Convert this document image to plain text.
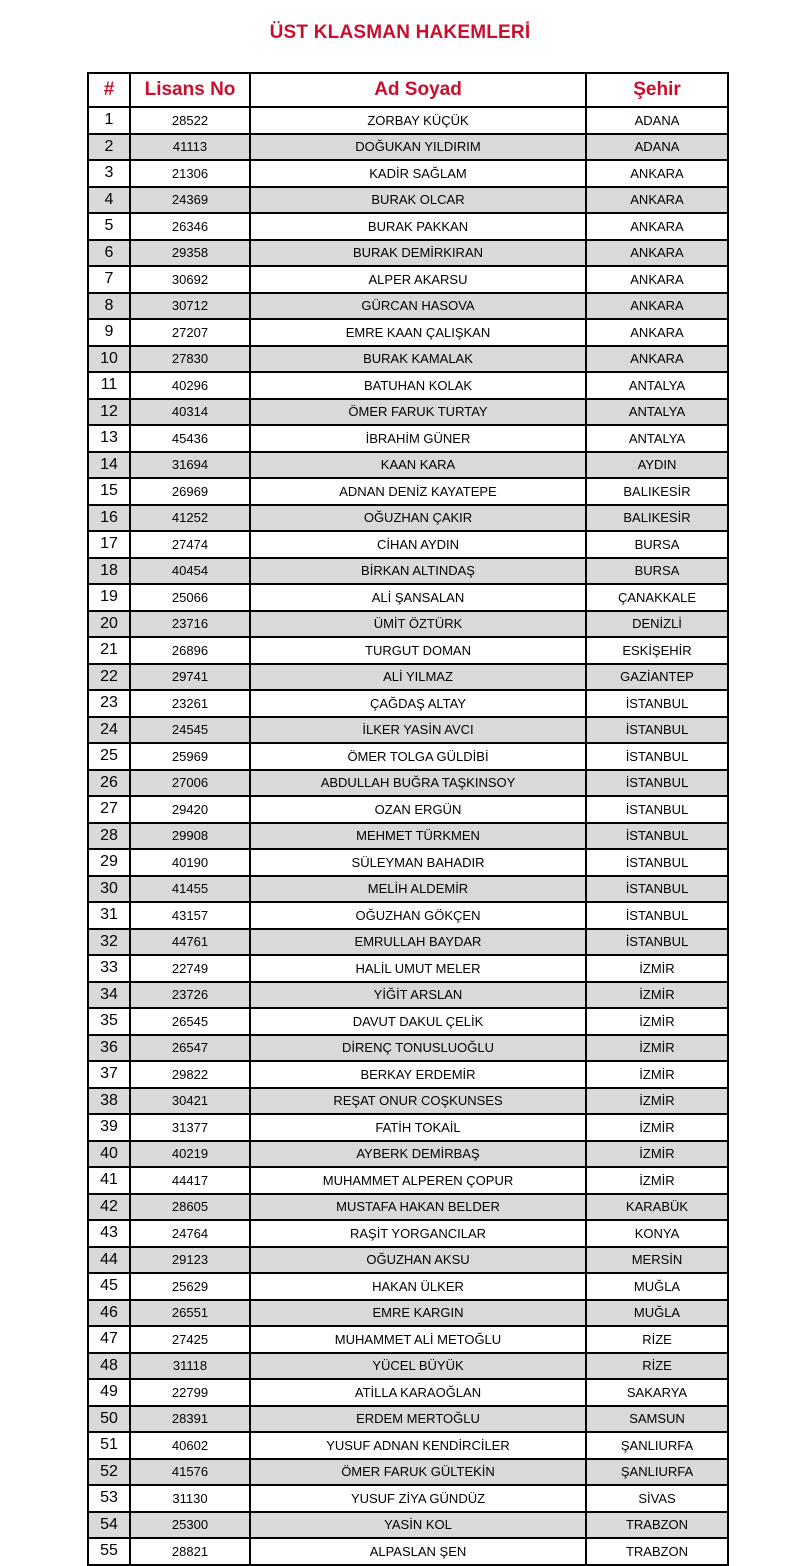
ÜST KLASMAN HAKEMLERİ
#	Lisans No	Ad Soyad	Şehir
1	28522	ZORBAY KÜÇÜK	ADANA
2	41113	DOĞUKAN YILDIRIM	ADANA
3	21306	KADİR SAĞLAM	ANKARA
4	24369	BURAK OLCAR	ANKARA
5	26346	BURAK PAKKAN	ANKARA
6	29358	BURAK DEMİRKIRAN	ANKARA
7	30692	ALPER AKARSU	ANKARA
8	30712	GÜRCAN HASOVA	ANKARA
9	27207	EMRE KAAN ÇALIŞKAN	ANKARA
10	27830	BURAK KAMALAK	ANKARA
11	40296	BATUHAN KOLAK	ANTALYA
12	40314	ÖMER FARUK TURTAY	ANTALYA
13	45436	İBRAHİM GÜNER	ANTALYA
14	31694	KAAN KARA	AYDIN
15	26969	ADNAN DENİZ KAYATEPE	BALIKESİR
16	41252	OĞUZHAN ÇAKIR	BALIKESİR
17	27474	CİHAN AYDIN	BURSA
18	40454	BİRKAN ALTINDAŞ	BURSA
19	25066	ALİ ŞANSALAN	ÇANAKKALE
20	23716	ÜMİT ÖZTÜRK	DENİZLİ
21	26896	TURGUT DOMAN	ESKİŞEHİR
22	29741	ALİ YILMAZ	GAZİANTEP
23	23261	ÇAĞDAŞ ALTAY	İSTANBUL
24	24545	İLKER YASİN AVCI	İSTANBUL
25	25969	ÖMER TOLGA GÜLDİBİ	İSTANBUL
26	27006	ABDULLAH BUĞRA TAŞKINSOY	İSTANBUL
27	29420	OZAN ERGÜN	İSTANBUL
28	29908	MEHMET TÜRKMEN	İSTANBUL
29	40190	SÜLEYMAN BAHADIR	İSTANBUL
30	41455	MELİH ALDEMİR	İSTANBUL
31	43157	OĞUZHAN GÖKÇEN	İSTANBUL
32	44761	EMRULLAH BAYDAR	İSTANBUL
33	22749	HALİL UMUT MELER	İZMİR
34	23726	YİĞİT ARSLAN	İZMİR
35	26545	DAVUT DAKUL ÇELİK	İZMİR
36	26547	DİRENÇ TONUSLUOĞLU	İZMİR
37	29822	BERKAY ERDEMİR	İZMİR
38	30421	REŞAT ONUR COŞKUNSES	İZMİR
39	31377	FATİH TOKAİL	İZMİR
40	40219	AYBERK DEMİRBAŞ	İZMİR
41	44417	MUHAMMET ALPEREN ÇOPUR	İZMİR
42	28605	MUSTAFA HAKAN BELDER	KARABÜK
43	24764	RAŞİT YORGANCILAR	KONYA
44	29123	OĞUZHAN AKSU	MERSİN
45	25629	HAKAN ÜLKER	MUĞLA
46	26551	EMRE KARGIN	MUĞLA
47	27425	MUHAMMET ALİ METOĞLU	RİZE
48	31118	YÜCEL BÜYÜK	RİZE
49	22799	ATİLLA KARAOĞLAN	SAKARYA
50	28391	ERDEM MERTOĞLU	SAMSUN
51	40602	YUSUF ADNAN KENDİRCİLER	ŞANLIURFA
52	41576	ÖMER FARUK GÜLTEKİN	ŞANLIURFA
53	31130	YUSUF ZİYA GÜNDÜZ	SİVAS
54	25300	YASİN KOL	TRABZON
55	28821	ALPASLAN ŞEN	TRABZON
